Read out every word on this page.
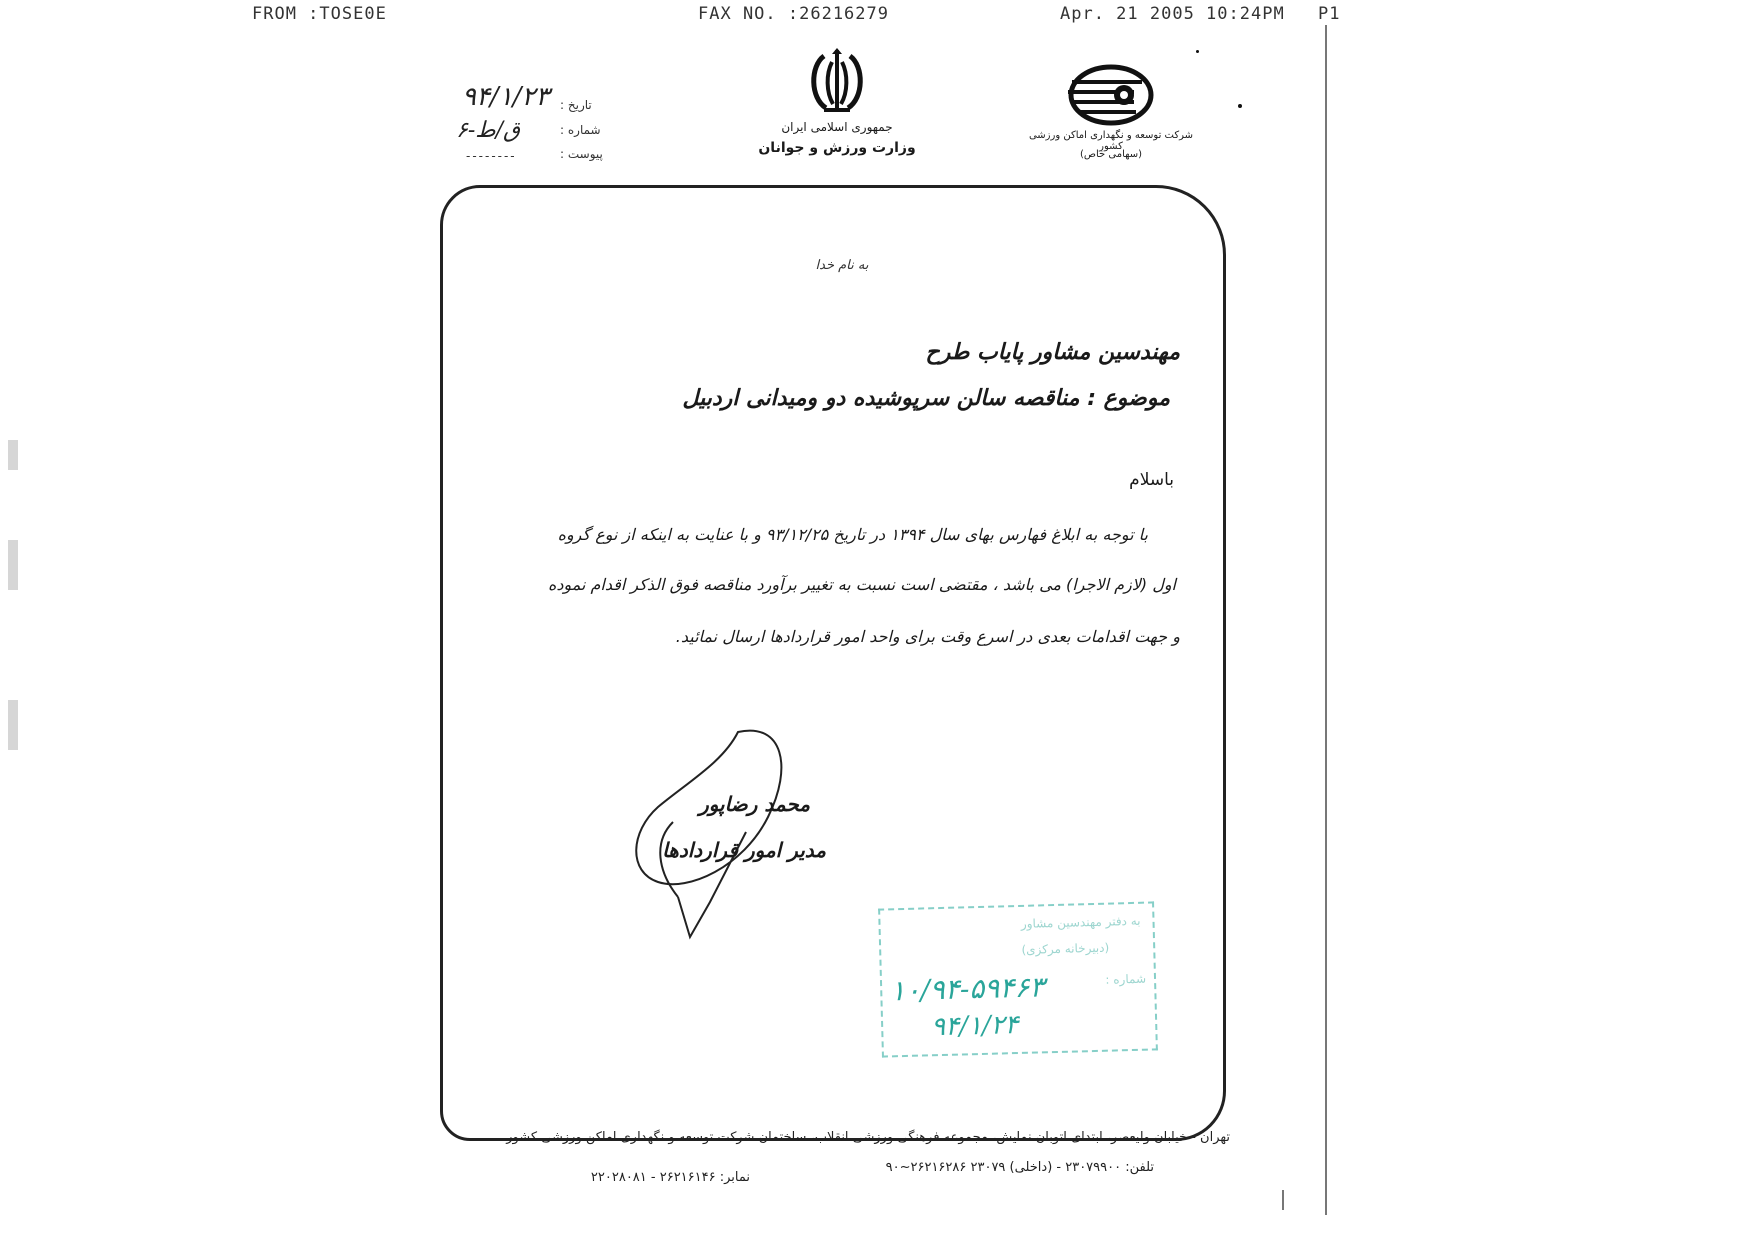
FROM :TOSE0E	FAX NO. :26216279	Apr. 21 2005 10:24PM P1
۹۴/۱/۲۳ تاریخ :
۶-ق/ط	شماره :
--------	پیوست :
جمهوری اسلامی ایران
وزارت ورزش و جوانان
شرکت توسعه و نگهداری اماکن ورزشی کشور
(سهامی خاص)
به نام خدا
مهندسین مشاور پایاب طرح
موضوع : مناقصه سالن سرپوشیده دو ومیدانی اردبیل
باسلام
با توجه به ابلاغ فهارس بهای سال ۱۳۹۴ در تاریخ ۹۳/۱۲/۲۵ و با عنایت به اینکه از نوع گروه
اول (لازم الاجرا) می باشد ، مقتضی است نسبت به تغییر برآورد مناقصه فوق الذکر اقدام نموده
و جهت اقدامات بعدی در اسرع وقت برای واحد امور قراردادها ارسال نمائید.
محمد رضاپور
مدیر امور قراردادها
به دفتر مهندسین مشاور
(دبیرخانه مرکزی)
شماره :
۱۰/۹۴-۵۹۴۶۳
۹۴/۱/۲۴
تهران - خیابان ولیعصر، ابتدای اتوبان نمایش، مجموعه فرهنگی ورزشی انقلاب، ساختمان شرکت توسعه و نگهداری اماکن ورزشی کشور
تلفن: ۲۳۰۷۹۹۰۰ - (داخلی) ۲۳۰۷۹ ۲۶۲۱۶۲۸۶~۹۰
نمابر: ۲۶۲۱۶۱۴۶ - ۲۲۰۲۸۰۸۱
